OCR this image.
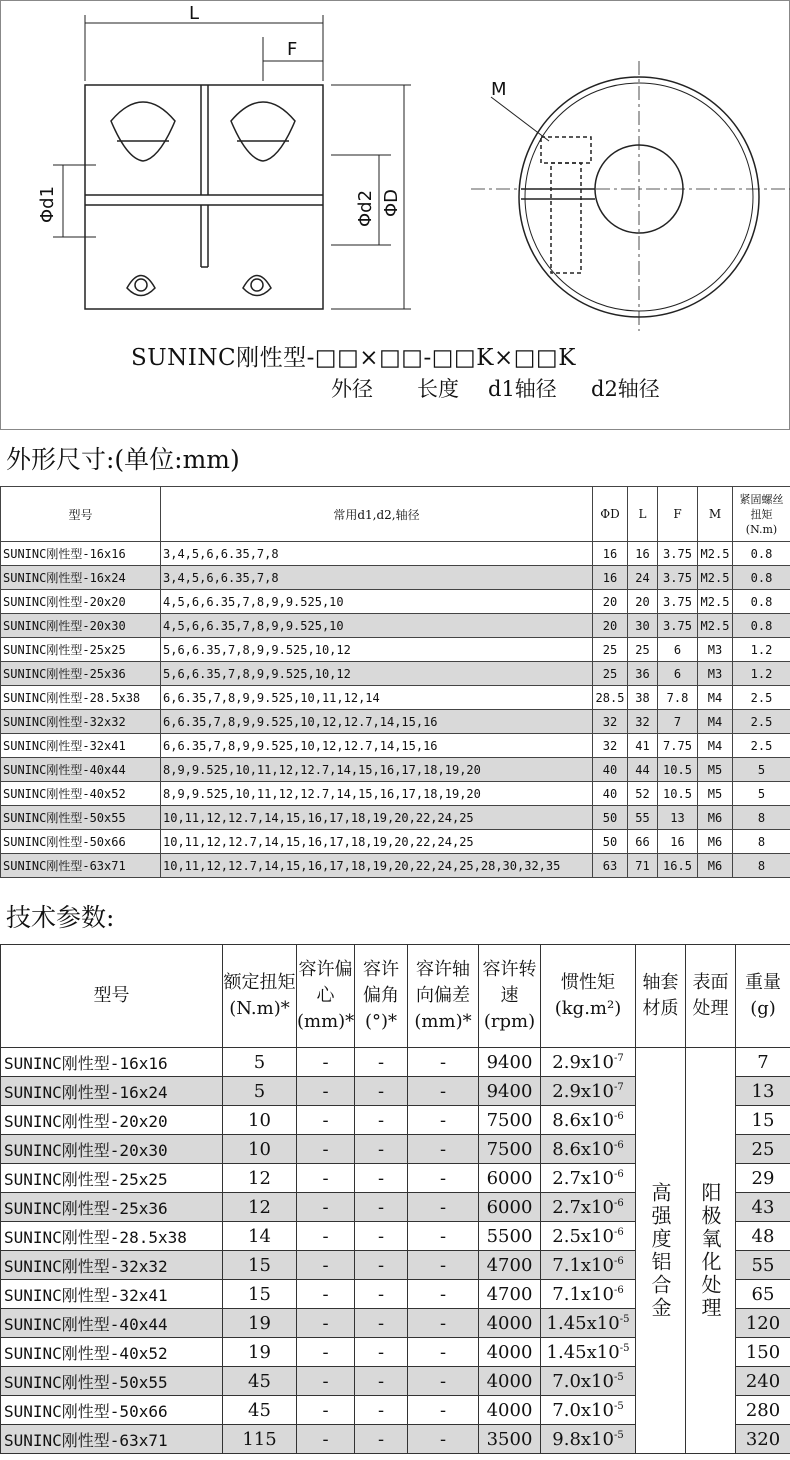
L
F
Φd1	Φd2 ΦD
M
SUNINC刚性型-□□×□□-□□K×□□K
外径 长度 d1轴径 d2轴径
外形尺寸:(单位:mm)
型号	常用d1,d2,轴径	ΦD	L	F	M	紧固螺丝扭矩(N.m)
SUNINC刚性型-16x16	3,4,5,6,6.35,7,8	16	16	3.75	M2.5	0.8
SUNINC刚性型-16x24	3,4,5,6,6.35,7,8	16	24	3.75	M2.5	0.8
SUNINC刚性型-20x20	4,5,6,6.35,7,8,9,9.525,10	20	20	3.75	M2.5	0.8
SUNINC刚性型-20x30	4,5,6,6.35,7,8,9,9.525,10	20	30	3.75	M2.5	0.8
SUNINC刚性型-25x25	5,6,6.35,7,8,9,9.525,10,12	25	25	6	M3	1.2
SUNINC刚性型-25x36	5,6,6.35,7,8,9,9.525,10,12	25	36	6	M3	1.2
SUNINC刚性型-28.5x38	6,6.35,7,8,9,9.525,10,11,12,14	28.5	38	7.8	M4	2.5
SUNINC刚性型-32x32	6,6.35,7,8,9,9.525,10,12,12.7,14,15,16	32	32	7	M4	2.5
SUNINC刚性型-32x41	6,6.35,7,8,9,9.525,10,12,12.7,14,15,16	32	41	7.75	M4	2.5
SUNINC刚性型-40x44	8,9,9.525,10,11,12,12.7,14,15,16,17,18,19,20	40	44	10.5	M5	5
SUNINC刚性型-40x52	8,9,9.525,10,11,12,12.7,14,15,16,17,18,19,20	40	52	10.5	M5	5
SUNINC刚性型-50x55	10,11,12,12.7,14,15,16,17,18,19,20,22,24,25	50	55	13	M6	8
SUNINC刚性型-50x66	10,11,12,12.7,14,15,16,17,18,19,20,22,24,25	50	66	16	M6	8
SUNINC刚性型-63x71	10,11,12,12.7,14,15,16,17,18,19,20,22,24,25,28,30,32,35	63	71	16.5	M6	8
技术参数:
型号	额定扭矩(N.m)*	容许偏心(mm)*	容许偏角(°)*	容许轴向偏差(mm)*	容许转速(rpm)	惯性矩(kg.m²)	轴套材质	表面处理	重量(g)
SUNINC刚性型-16x16	5	-	-	-	9400	$2.9x10^{-7}$	高强度铝合金	阳极氧化处理	7
SUNINC刚性型-16x24	5	-	-	-	9400	$2.9x10^{-7}$			13
SUNINC刚性型-20x20	10	-	-	-	7500	$8.6x10^{-6}$			15
SUNINC刚性型-20x30	10	-	-	-	7500	$8.6x10^{-6}$			25
SUNINC刚性型-25x25	12	-	-	-	6000	$2.7x10^{-6}$			29
SUNINC刚性型-25x36	12	-	-	-	6000	$2.7x10^{-6}$			43
SUNINC刚性型-28.5x38	14	-	-	-	5500	$2.5x10^{-6}$			48
SUNINC刚性型-32x32	15	-	-	-	4700	$7.1x10^{-6}$			55
SUNINC刚性型-32x41	15	-	-	-	4700	$7.1x10^{-6}$			65
SUNINC刚性型-40x44	19	-	-	-	4000	$1.45x10^{-5}$			120
SUNINC刚性型-40x52	19	-	-	-	4000	$1.45x10^{-5}$			150
SUNINC刚性型-50x55	45	-	-	-	4000	$7.0x10^{-5}$			240
SUNINC刚性型-50x66	45	-	-	-	4000	$7.0x10^{-5}$			280
SUNINC刚性型-63x71	115	-	-	-	3500	$9.8x10^{-5}$			320
